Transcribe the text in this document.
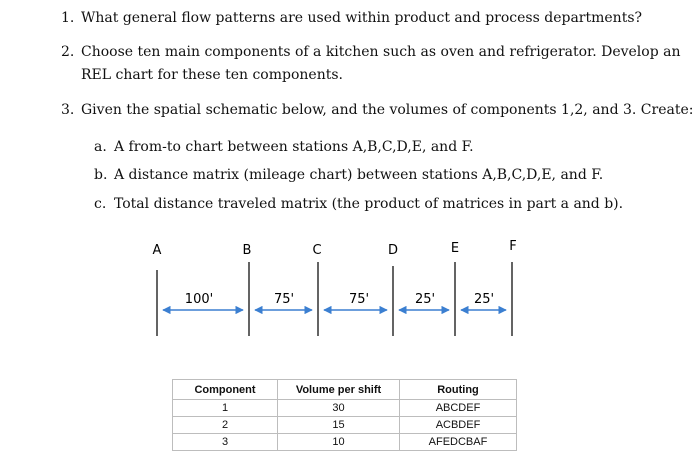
1. What general flow patterns are used within product and process departments?
2. Choose ten main components of a kitchen such as oven and refrigerator. Develop an
REL chart for these ten components.
3. Given the spatial schematic below, and the volumes of components 1,2, and 3. Create:
a. A from-to chart between stations A,B,C,D,E, and F.
b. A distance matrix (mileage chart) between stations A,B,C,D,E, and F.
c. Total distance traveled matrix (the product of matrices in part a and b).
A	B	C	D	E	F
100'	75'	75'	25'	25'
Component	Volume per shift	Routing
1	30	ABCDEF
2	15	ACBDEF
3	10	AFEDCBAF
